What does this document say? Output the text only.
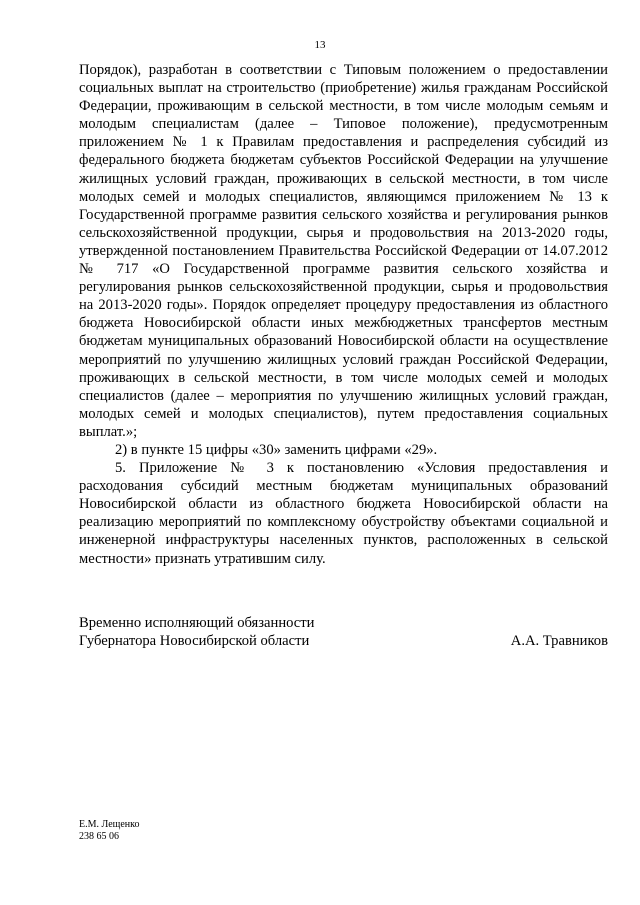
13

Порядок), разработан в соответствии с Типовым положением о предоставлении социальных выплат на строительство (приобретение) жилья гражданам Российской Федерации, проживающим в сельской местности, в том числе молодым семьям и молодым специалистам (далее – Типовое положение), предусмотренным приложением № 1 к Правилам предоставления и распределения субсидий из федерального бюджета бюджетам субъектов Российской Федерации на улучшение жилищных условий граждан, проживающих в сельской местности, в том числе молодых семей и молодых специалистов, являющимся приложением № 13 к Государственной программе развития сельского хозяйства и регулирования рынков сельскохозяйственной продукции, сырья и продовольствия на 2013-2020 годы, утвержденной постановлением Правительства Российской Федерации от 14.07.2012 № 717 «О Государственной программе развития сельского хозяйства и регулирования рынков сельскохозяйственной продукции, сырья и продовольствия на 2013-2020 годы». Порядок определяет процедуру предоставления из областного бюджета Новосибирской области иных межбюджетных трансфертов местным бюджетам муниципальных образований Новосибирской области на осуществление мероприятий по улучшению жилищных условий граждан Российской Федерации, проживающих в сельской местности, в том числе молодых семей и молодых специалистов (далее – мероприятия по улучшению жилищных условий граждан, молодых семей и молодых специалистов), путем предоставления социальных выплат.»;

2) в пункте 15 цифры «30» заменить цифрами «29».

5. Приложение № 3 к постановлению «Условия предоставления и расходования субсидий местным бюджетам муниципальных образований Новосибирской области из областного бюджета Новосибирской области на реализацию мероприятий по комплексному обустройству объектами социальной и инженерной инфраструктуры населенных пунктов, расположенных в сельской местности» признать утратившим силу.

Временно исполняющий обязанности
Губернатора Новосибирской области	А.А. Травников
Е.М. Лещенко
238 65 06
